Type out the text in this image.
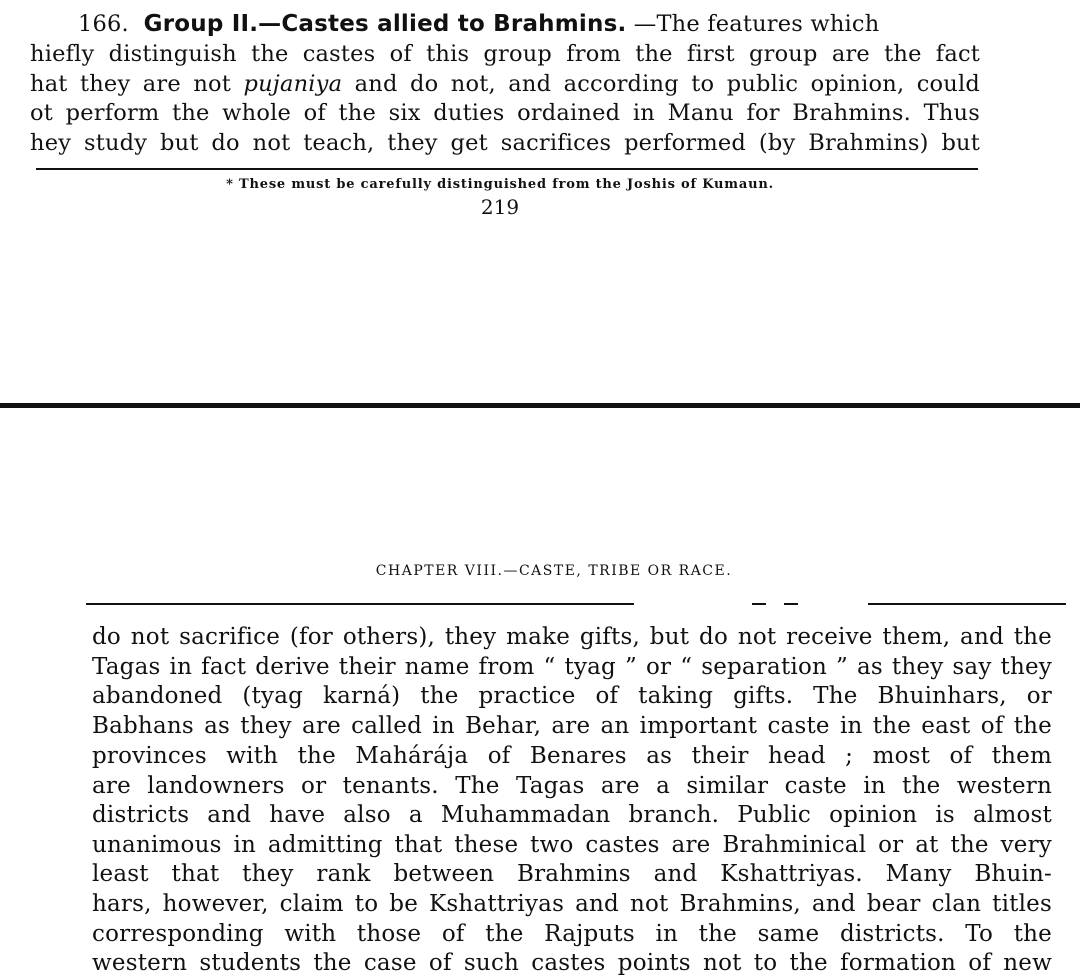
166. Group II.—Castes allied to Brahmins. —The features which
hiefly distinguish the castes of this group from the first group are the fact
hat they are not pujaniya and do not, and according to public opinion, could
ot perform the whole of the six duties ordained in Manu for Brahmins. Thus
hey study but do not teach, they get sacrifices performed (by Brahmins) but
* These must be carefully distinguished from the Joshis of Kumaun.
219
CHAPTER VIII.—CASTE, TRIBE OR RACE.
do not sacrifice (for others), they make gifts, but do not receive them, and the
Tagas in fact derive their name from “ tyag ” or “ separation ” as they say they
abandoned (tyag karná) the practice of taking gifts. The Bhuinhars, or
Babhans as they are called in Behar, are an important caste in the east of the
provinces with the Mahárája of Benares as their head ; most of them
are landowners or tenants. The Tagas are a similar caste in the western
districts and have also a Muhammadan branch. Public opinion is almost
unanimous in admitting that these two castes are Brahminical or at the very
least that they rank between Brahmins and Kshattriyas. Many Bhuin-
hars, however, claim to be Kshattriyas and not Brahmins, and bear clan titles
corresponding with those of the Rajputs in the same districts. To the
western students the case of such castes points not to the formation of new
